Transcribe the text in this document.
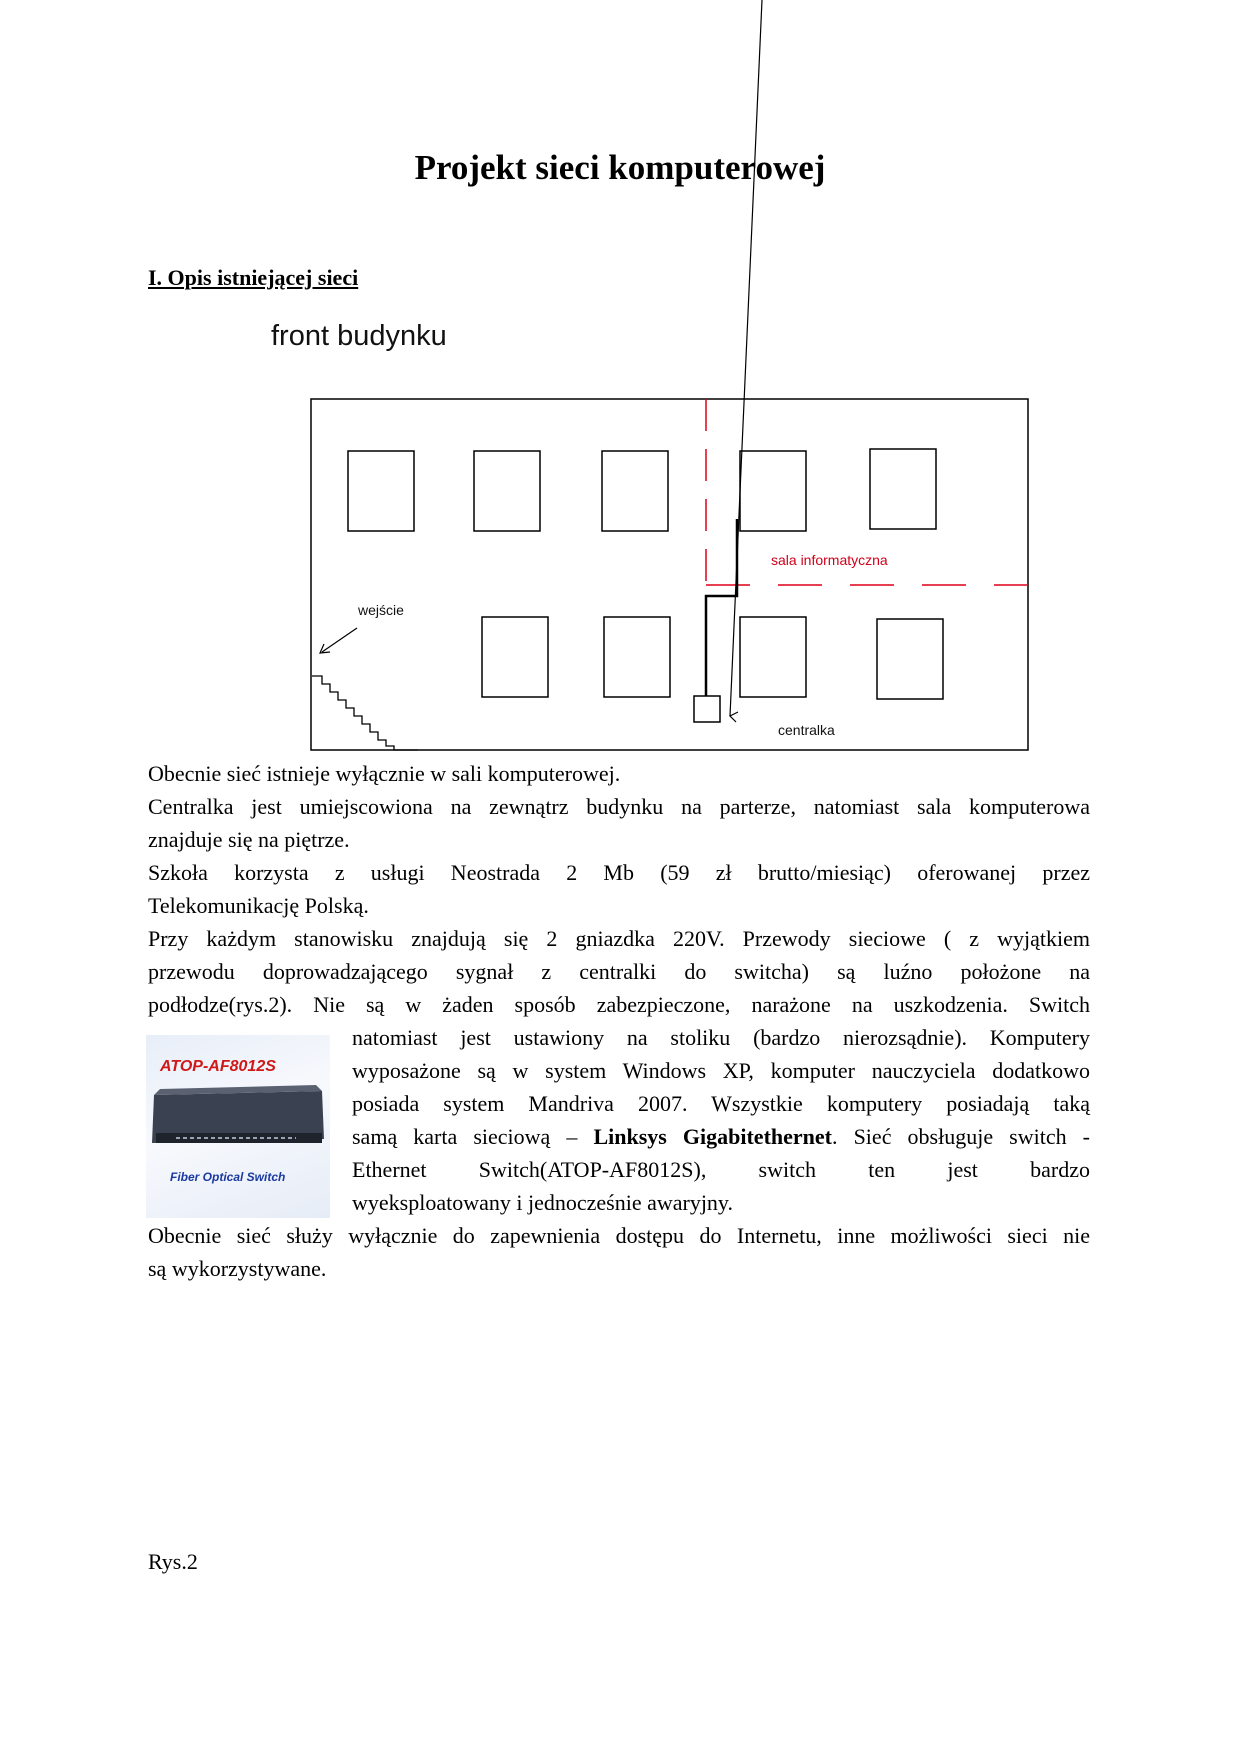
Projekt sieci komputerowej
I. Opis istniejącej sieci
front budynku
sala informatyczna
centralka
wejście

Obecnie sieć istnieje wyłącznie w sali komputerowej.

Centralka jest umiejscowiona na zewnątrz budynku na parterze, natomiast sala komputerowa

znajduje się na piętrze.

Szkoła korzysta z usługi Neostrada 2 Mb (59 zł brutto/miesiąc) oferowanej przez

Telekomunikację Polską.

Przy każdym stanowisku znajdują się 2 gniazdka 220V. Przewody sieciowe ( z wyjątkiem

przewodu doprowadzającego sygnał z centralki do switcha) są luźno położone na

podłodze(rys.2). Nie są w żaden sposób zabezpieczone, narażone na uszkodzenia. Switch

ATOP-AF8012S
Fiber Optical Switch

natomiast jest ustawiony na stoliku (bardzo nierozsądnie). Komputery

wyposażone są w system Windows XP, komputer nauczyciela dodatkowo

posiada system Mandriva 2007. Wszystkie komputery posiadają taką

samą karta sieciową – Linksys Gigabitethernet. Sieć obsługuje switch -

Ethernet Switch(ATOP-AF8012S), switch ten jest bardzo

wyeksploatowany i jednocześnie awaryjny.

Obecnie sieć służy wyłącznie do zapewnienia dostępu do Internetu, inne możliwości sieci nie

są wykorzystywane.

Rys.2
